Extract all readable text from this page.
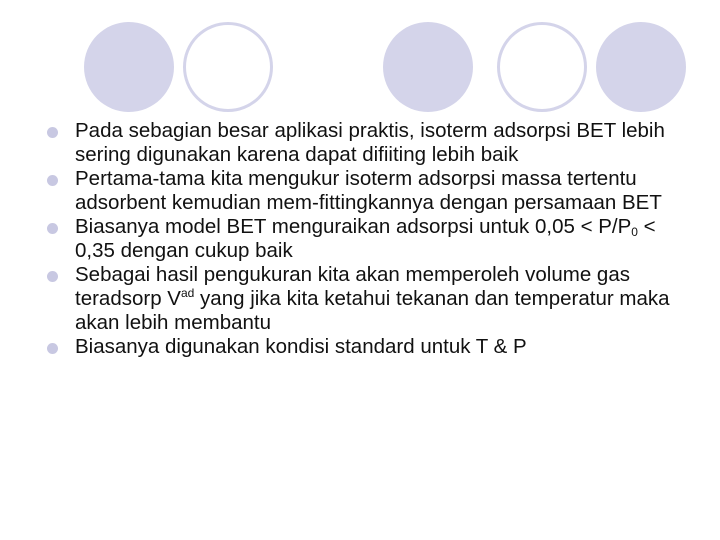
Pada sebagian besar aplikasi praktis, isoterm adsorpsi BET lebih sering digunakan karena dapat difiiting lebih baik
Pertama-tama kita mengukur isoterm adsorpsi massa tertentu adsorbent kemudian mem-fittingkannya dengan persamaan BET
Biasanya model BET menguraikan adsorpsi untuk $0,05 < P/P_0 < 0,35$ dengan cukup baik
Sebagai hasil pengukuran kita akan memperoleh volume gas teradsorp $V^{ad}$ yang jika kita ketahui tekanan dan temperatur maka akan lebih membantu
Biasanya digunakan kondisi standard untuk T & P
